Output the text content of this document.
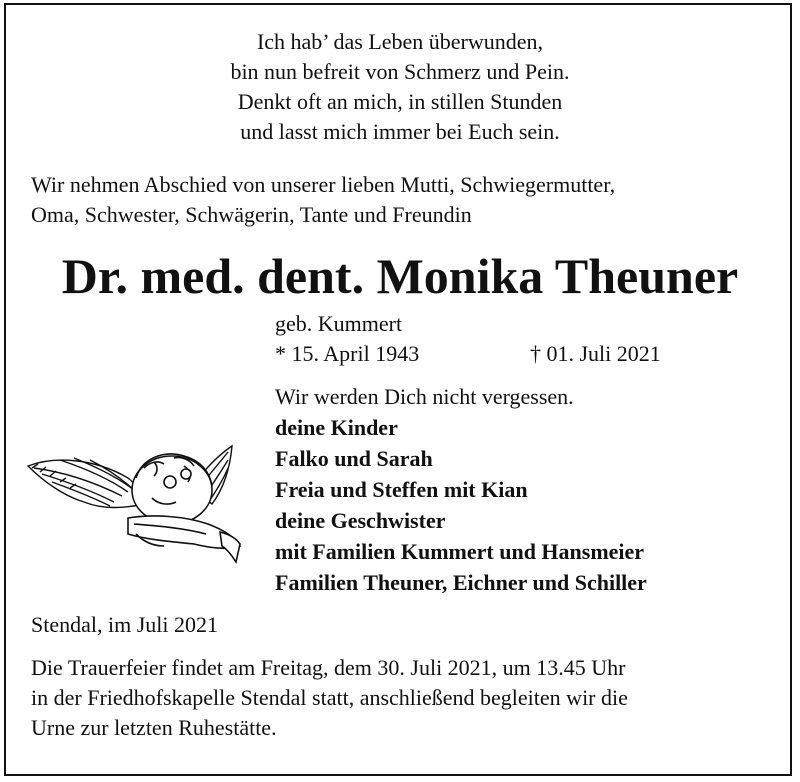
Ich hab’ das Leben überwunden,
bin nun befreit von Schmerz und Pein.
Denkt oft an mich, in stillen Stunden
und lasst mich immer bei Euch sein.
Wir nehmen Abschied von unserer lieben Mutti, Schwiegermutter,
Oma, Schwester, Schwägerin, Tante und Freundin
Dr. med. dent. Monika Theuner
geb. Kummert
* 15. April 1943	† 01. Juli 2021
Wir werden Dich nicht vergessen.
deine Kinder
Falko und Sarah
Freia und Steffen mit Kian
deine Geschwister
mit Familien Kummert und Hansmeier
Familien Theuner, Eichner und Schiller
Stendal, im Juli 2021
Die Trauerfeier findet am Freitag, dem 30. Juli 2021, um 13.45 Uhr
in der Friedhofskapelle Stendal statt, anschließend begleiten wir die
Urne zur letzten Ruhestätte.
